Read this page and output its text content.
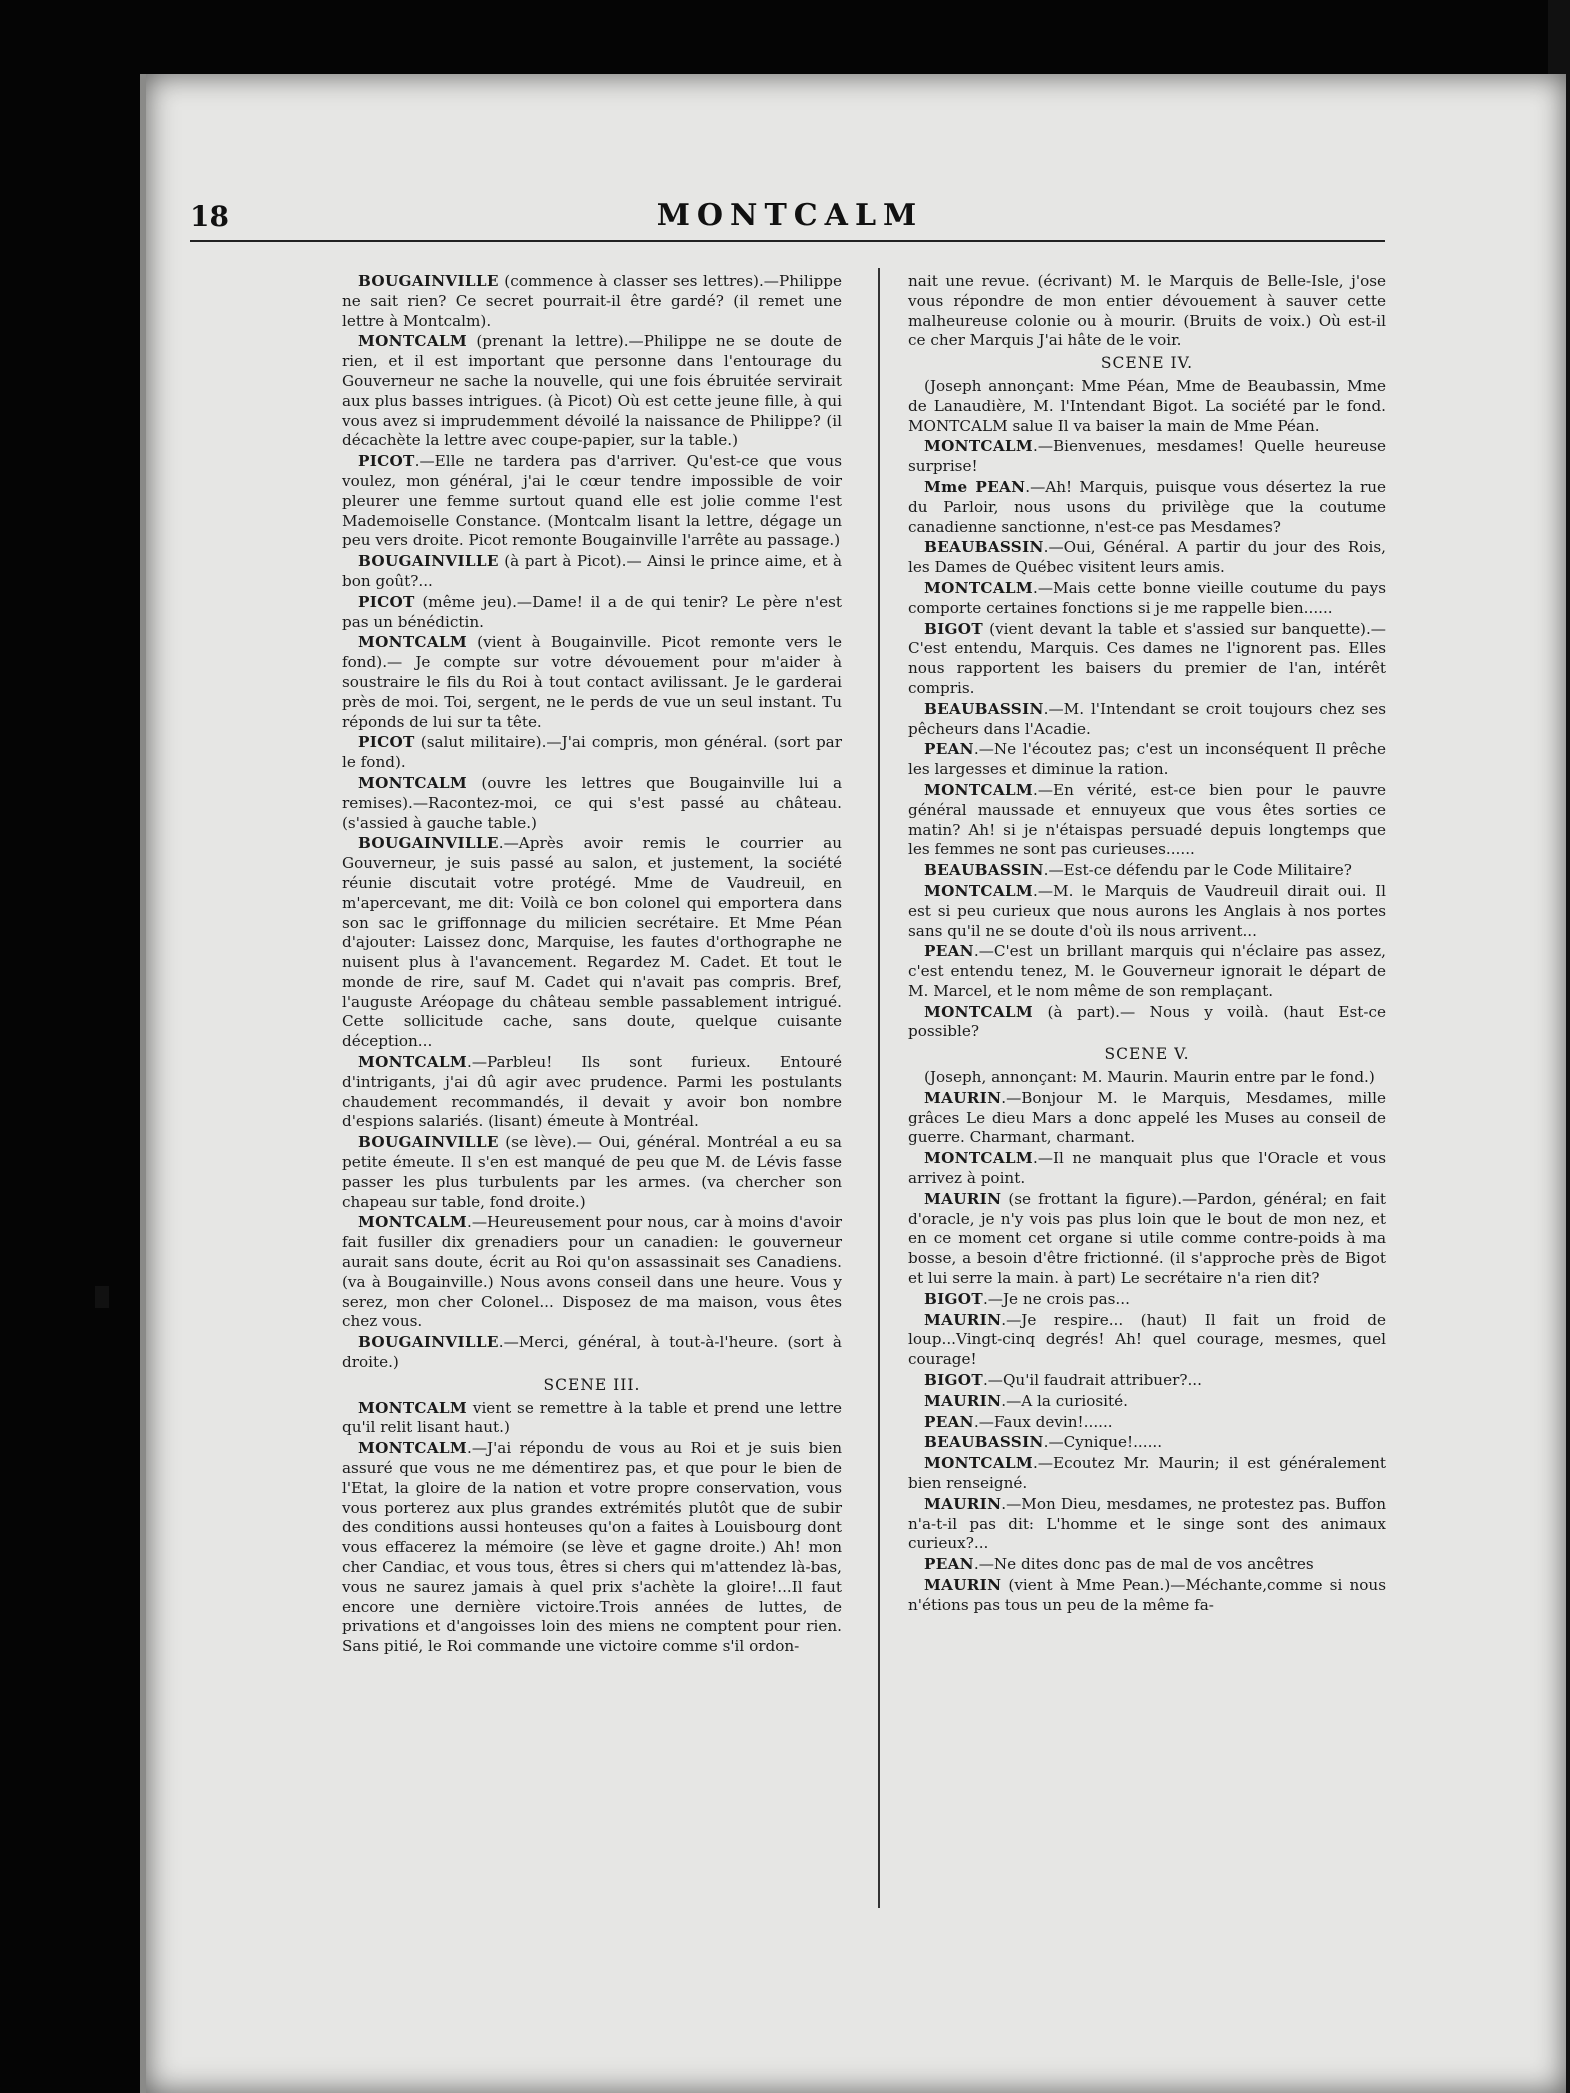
18	MONTCALM

BOUGAINVILLE (commence à classer ses lettres).—Philippe ne sait rien? Ce secret pourrait-il être gardé? (il remet une lettre à Montcalm).

MONTCALM (prenant la lettre).—Philippe ne se doute de rien, et il est important que personne dans l'entourage du Gouverneur ne sache la nouvelle, qui une fois ébruitée servirait aux plus basses intrigues. (à Picot) Où est cette jeune fille, à qui vous avez si imprudemment dévoilé la naissance de Philippe? (il décachète la lettre avec coupe-papier, sur la table.)

PICOT.—Elle ne tardera pas d'arriver. Qu'est-ce que vous voulez, mon général, j'ai le cœur tendre impossible de voir pleurer une femme surtout quand elle est jolie comme l'est Mademoiselle Constance. (Montcalm lisant la lettre, dégage un peu vers droite. Picot remonte Bougainville l'arrête au passage.)

BOUGAINVILLE (à part à Picot).— Ainsi le prince aime, et à bon goût?...

PICOT (même jeu).—Dame! il a de qui tenir? Le père n'est pas un bénédictin.

MONTCALM (vient à Bougainville. Picot remonte vers le fond).— Je compte sur votre dévouement pour m'aider à soustraire le fils du Roi à tout contact avilissant. Je le garderai près de moi. Toi, sergent, ne le perds de vue un seul instant. Tu réponds de lui sur ta tête.

PICOT (salut militaire).—J'ai compris, mon général. (sort par le fond).

MONTCALM (ouvre les lettres que Bougainville lui a remises).—Racontez-moi, ce qui s'est passé au château. (s'assied à gauche table.)

BOUGAINVILLE.—Après avoir remis le courrier au Gouverneur, je suis passé au salon, et justement, la société réunie discutait votre protégé. Mme de Vaudreuil, en m'apercevant, me dit: Voilà ce bon colonel qui emportera dans son sac le griffonnage du milicien secrétaire. Et Mme Péan d'ajouter: Laissez donc, Marquise, les fautes d'orthographe ne nuisent plus à l'avancement. Regardez M. Cadet. Et tout le monde de rire, sauf M. Cadet qui n'avait pas compris. Bref, l'auguste Aréopage du château semble passablement intrigué. Cette sollicitude cache, sans doute, quelque cuisante déception...

MONTCALM.—Parbleu! Ils sont furieux. Entouré d'intrigants, j'ai dû agir avec prudence. Parmi les postulants chaudement recommandés, il devait y avoir bon nombre d'espions salariés. (lisant) émeute à Montréal.

BOUGAINVILLE (se lève).— Oui, général. Montréal a eu sa petite émeute. Il s'en est manqué de peu que M. de Lévis fasse passer les plus turbulents par les armes. (va chercher son chapeau sur table, fond droite.)

MONTCALM.—Heureusement pour nous, car à moins d'avoir fait fusiller dix grenadiers pour un canadien: le gouverneur aurait sans doute, écrit au Roi qu'on assassinait ses Canadiens. (va à Bougainville.) Nous avons conseil dans une heure. Vous y serez, mon cher Colonel... Disposez de ma maison, vous êtes chez vous.

BOUGAINVILLE.—Merci, général, à tout-à-l'heure. (sort à droite.)

SCENE III.

MONTCALM vient se remettre à la table et prend une lettre qu'il relit lisant haut.)

MONTCALM.—J'ai répondu de vous au Roi et je suis bien assuré que vous ne me démentirez pas, et que pour le bien de l'Etat, la gloire de la nation et votre propre conservation, vous vous porterez aux plus grandes extrémités plutôt que de subir des conditions aussi honteuses qu'on a faites à Louisbourg dont vous effacerez la mémoire (se lève et gagne droite.) Ah! mon cher Candiac, et vous tous, êtres si chers qui m'attendez là-bas, vous ne saurez jamais à quel prix s'achète la gloire!...Il faut encore une dernière victoire.Trois années de luttes, de privations et d'angoisses loin des miens ne comptent pour rien. Sans pitié, le Roi commande une victoire comme s'il ordon-

nait une revue. (écrivant) M. le Marquis de Belle-Isle, j'ose vous répondre de mon entier dévouement à sauver cette malheureuse colonie ou à mourir. (Bruits de voix.) Où est-il ce cher Marquis J'ai hâte de le voir.

SCENE IV.

(Joseph annonçant: Mme Péan, Mme de Beaubassin, Mme de Lanaudière, M. l'Intendant Bigot. La société par le fond. MONTCALM salue Il va baiser la main de Mme Péan.

MONTCALM.—Bienvenues, mesdames! Quelle heureuse surprise!

Mme PEAN.—Ah! Marquis, puisque vous désertez la rue du Parloir, nous usons du privilège que la coutume canadienne sanctionne, n'est-ce pas Mesdames?

BEAUBASSIN.—Oui, Général. A partir du jour des Rois, les Dames de Québec visitent leurs amis.

MONTCALM.—Mais cette bonne vieille coutume du pays comporte certaines fonctions si je me rappelle bien......

BIGOT (vient devant la table et s'assied sur banquette).—C'est entendu, Marquis. Ces dames ne l'ignorent pas. Elles nous rapportent les baisers du premier de l'an, intérêt compris.

BEAUBASSIN.—M. l'Intendant se croit toujours chez ses pêcheurs dans l'Acadie.

PEAN.—Ne l'écoutez pas; c'est un inconséquent Il prêche les largesses et diminue la ration.

MONTCALM.—En vérité, est-ce bien pour le pauvre général maussade et ennuyeux que vous êtes sorties ce matin? Ah! si je n'étaispas persuadé depuis longtemps que les femmes ne sont pas curieuses......

BEAUBASSIN.—Est-ce défendu par le Code Militaire?

MONTCALM.—M. le Marquis de Vaudreuil dirait oui. Il est si peu curieux que nous aurons les Anglais à nos portes sans qu'il ne se doute d'où ils nous arrivent...

PEAN.—C'est un brillant marquis qui n'éclaire pas assez, c'est entendu tenez, M. le Gouverneur ignorait le départ de M. Marcel, et le nom même de son remplaçant.

MONTCALM (à part).— Nous y voilà. (haut Est-ce possible?

SCENE V.

(Joseph, annonçant: M. Maurin. Maurin entre par le fond.)

MAURIN.—Bonjour M. le Marquis, Mesdames, mille grâces Le dieu Mars a donc appelé les Muses au conseil de guerre. Charmant, charmant.

MONTCALM.—Il ne manquait plus que l'Oracle et vous arrivez à point.

MAURIN (se frottant la figure).—Pardon, général; en fait d'oracle, je n'y vois pas plus loin que le bout de mon nez, et en ce moment cet organe si utile comme contre-poids à ma bosse, a besoin d'être frictionné. (il s'approche près de Bigot et lui serre la main. à part) Le secrétaire n'a rien dit?

BIGOT.—Je ne crois pas...

MAURIN.—Je respire... (haut) Il fait un froid de loup...Vingt-cinq degrés! Ah! quel courage, mesmes, quel courage!

BIGOT.—Qu'il faudrait attribuer?...

MAURIN.—A la curiosité.

PEAN.—Faux devin!......

BEAUBASSIN.—Cynique!......

MONTCALM.—Ecoutez Mr. Maurin; il est généralement bien renseigné.

MAURIN.—Mon Dieu, mesdames, ne protestez pas. Buffon n'a-t-il pas dit: L'homme et le singe sont des animaux curieux?...

PEAN.—Ne dites donc pas de mal de vos ancêtres

MAURIN (vient à Mme Pean.)—Méchante,comme si nous n'étions pas tous un peu de la même fa-
